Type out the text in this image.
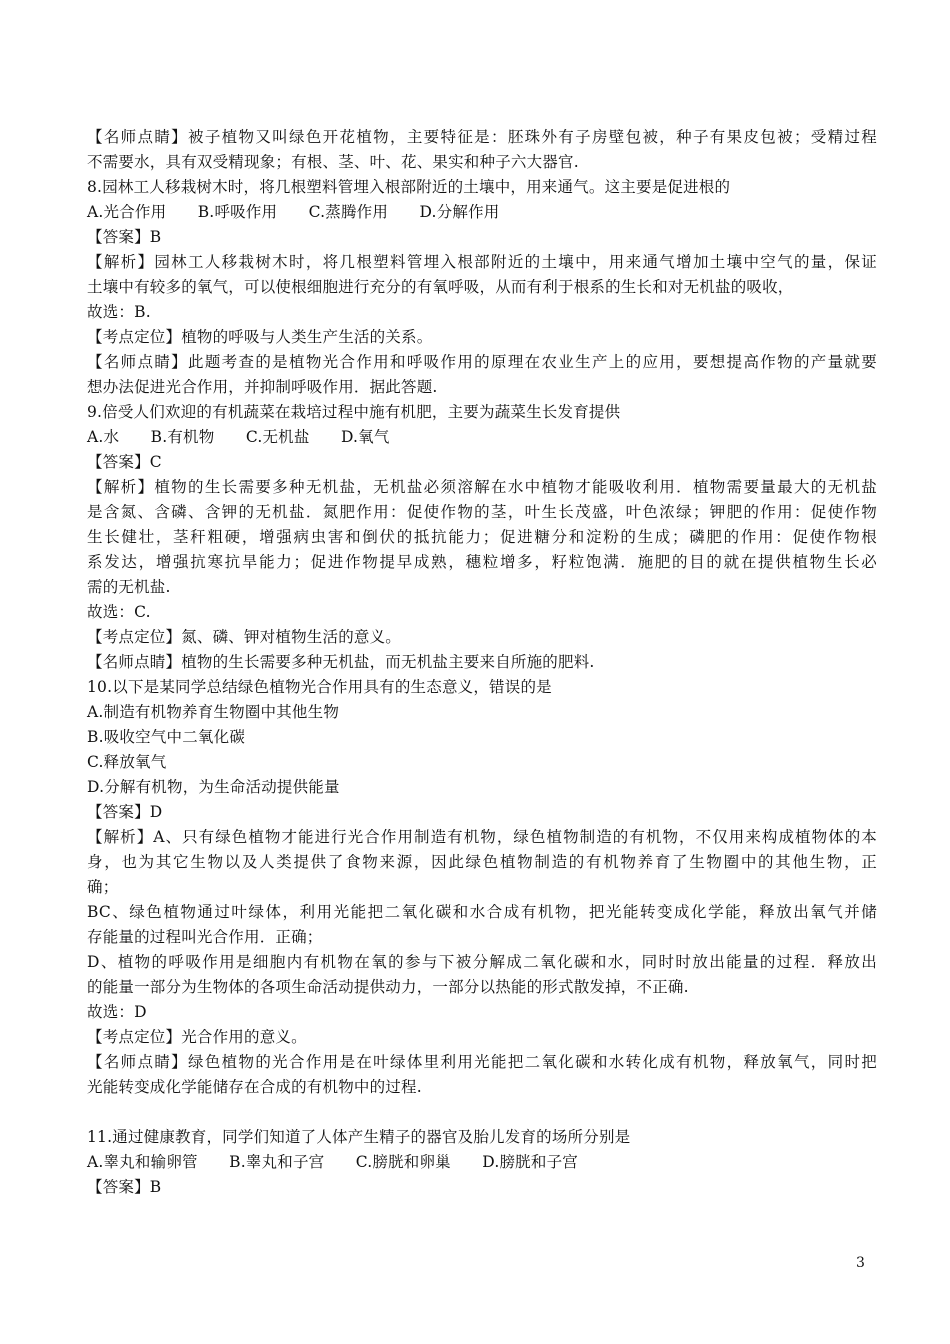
【名师点睛】被子植物又叫绿色开花植物，主要特征是：胚珠外有子房壁包被，种子有果皮包被；受精过程
不需要水，具有双受精现象；有根、茎、叶、花、果实和种子六大器官.
8.园林工人移栽树木时，将几根塑料管埋入根部附近的土壤中，用来通气。这主要是促进根的
A.光合作用　　B.呼吸作用　　C.蒸腾作用　　D.分解作用
【答案】B
【解析】园林工人移栽树木时，将几根塑料管埋入根部附近的土壤中，用来通气增加土壤中空气的量，保证
土壤中有较多的氧气，可以使根细胞进行充分的有氧呼吸，从而有利于根系的生长和对无机盐的吸收，
故选：B.
【考点定位】植物的呼吸与人类生产生活的关系。
【名师点睛】此题考查的是植物光合作用和呼吸作用的原理在农业生产上的应用，要想提高作物的产量就要
想办法促进光合作用，并抑制呼吸作用．据此答题.
9.倍受人们欢迎的有机蔬菜在栽培过程中施有机肥，主要为蔬菜生长发育提供
A.水　　B.有机物　　C.无机盐　　D.氧气
【答案】C
【解析】植物的生长需要多种无机盐，无机盐必须溶解在水中植物才能吸收利用．植物需要量最大的无机盐
是含氮、含磷、含钾的无机盐．氮肥作用：促使作物的茎，叶生长茂盛，叶色浓绿；钾肥的作用：促使作物
生长健壮，茎秆粗硬，增强病虫害和倒伏的抵抗能力；促进糖分和淀粉的生成；磷肥的作用：促使作物根
系发达，增强抗寒抗旱能力；促进作物提早成熟，穗粒增多，籽粒饱满．施肥的目的就在提供植物生长必
需的无机盐.
故选：C.
【考点定位】氮、磷、钾对植物生活的意义。
【名师点睛】植物的生长需要多种无机盐，而无机盐主要来自所施的肥料.
10.以下是某同学总结绿色植物光合作用具有的生态意义，错误的是
A.制造有机物养育生物圈中其他生物
B.吸收空气中二氧化碳
C.释放氧气
D.分解有机物，为生命活动提供能量
【答案】D
【解析】A、只有绿色植物才能进行光合作用制造有机物，绿色植物制造的有机物，不仅用来构成植物体的本
身，也为其它生物以及人类提供了食物来源，因此绿色植物制造的有机物养育了生物圈中的其他生物，正
确；
BC、绿色植物通过叶绿体，利用光能把二氧化碳和水合成有机物，把光能转变成化学能，释放出氧气并储
存能量的过程叫光合作用．正确；
D、植物的呼吸作用是细胞内有机物在氧的参与下被分解成二氧化碳和水，同时时放出能量的过程．释放出
的能量一部分为生物体的各项生命活动提供动力，一部分以热能的形式散发掉，不正确.
故选：D
【考点定位】光合作用的意义。
【名师点睛】绿色植物的光合作用是在叶绿体里利用光能把二氧化碳和水转化成有机物，释放氧气，同时把
光能转变成化学能储存在合成的有机物中的过程.
11.通过健康教育，同学们知道了人体产生精子的器官及胎儿发育的场所分别是
A.睾丸和输卵管　　B.睾丸和子宫　　C.膀胱和卵巢　　D.膀胱和子宫
【答案】B
3
